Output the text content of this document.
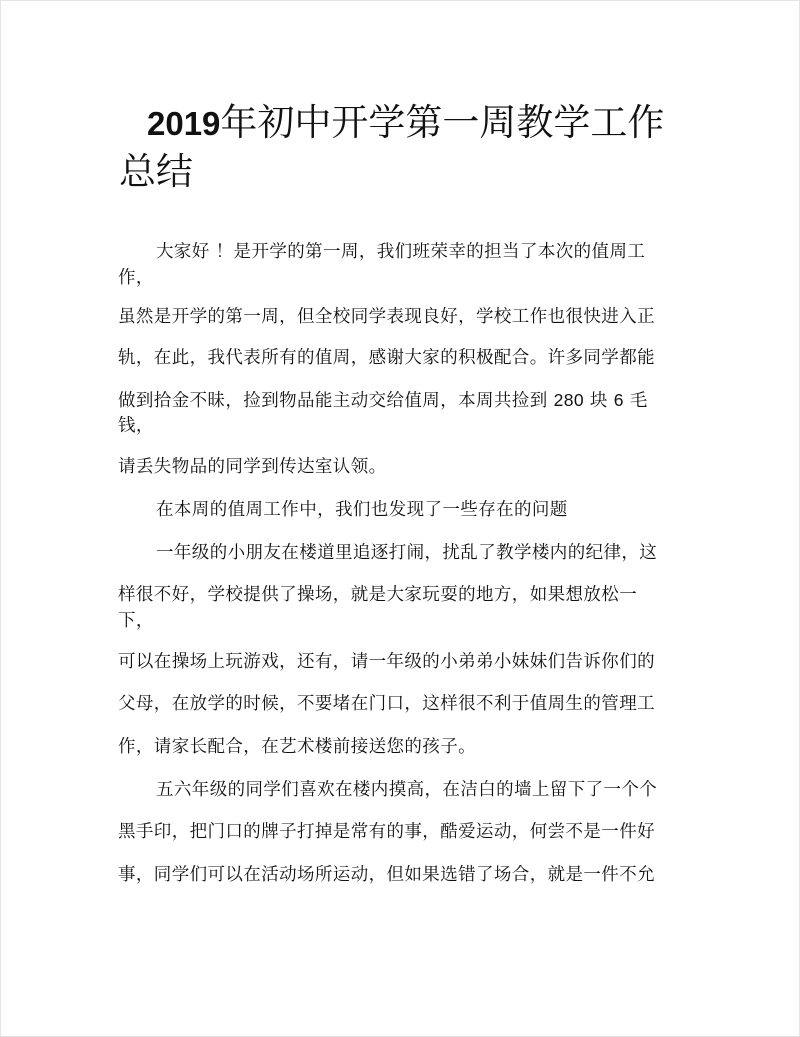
2019年初中开学第一周教学工作
总结

大家好 ！是开学的第一周，我们班荣幸的担当了本次的值周工

作，

虽然是开学的第一周，但全校同学表现良好，学校工作也很快进入正

轨，在此，我代表所有的值周，感谢大家的积极配合。许多同学都能

做到拾金不昧，捡到物品能主动交给值周，本周共捡到 280 块 6 毛

钱，

请丢失物品的同学到传达室认领。

在本周的值周工作中，我们也发现了一些存在的问题

一年级的小朋友在楼道里追逐打闹，扰乱了教学楼内的纪律，这

样很不好，学校提供了操场，就是大家玩耍的地方，如果想放松一

下，

可以在操场上玩游戏，还有，请一年级的小弟弟小妹妹们告诉你们的

父母，在放学的时候，不要堵在门口，这样很不利于值周生的管理工

作，请家长配合，在艺术楼前接送您的孩子。

五六年级的同学们喜欢在楼内摸高，在洁白的墙上留下了一个个

黑手印，把门口的牌子打掉是常有的事，酷爱运动，何尝不是一件好

事，同学们可以在活动场所运动，但如果选错了场合，就是一件不允
